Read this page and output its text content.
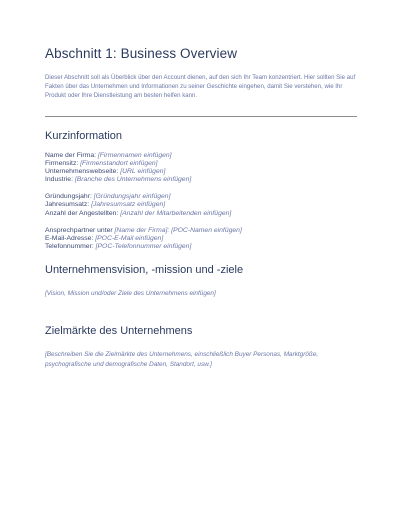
Abschnitt 1: Business Overview

Dieser Abschnitt soll als Überblick über den Account dienen, auf den sich Ihr Team konzentriert. Hier sollten Sie auf Fakten über das Unternehmen und Informationen zu seiner Geschichte eingehen, damit Sie verstehen, wie Ihr Produkt oder Ihre Dienstleistung am besten helfen kann.

Kurzinformation
Name der Firma: [Firmennamen einfügen]
Firmensitz: [Firmenstandort einfügen]
Unternehmenswebseite: [URL einfügen]
Industrie: [Branche des Unternehmens einfügen]
Gründungsjahr: [Gründungsjahr einfügen]
Jahresumsatz: [Jahresumsatz einfügen]
Anzahl der Angestellten: [Anzahl der Mitarbeitenden einfügen]
Ansprechpartner unter [Name der Firma]: [POC-Namen einfügen]
E-Mail-Adresse: [POC-E-Mail einfügen]
Telefonnummer: [POC-Telefonnummer einfügen]
Unternehmensvision, -mission und -ziele

[Vision, Mission und/oder Ziele des Unternehmens einfügen]

Zielmärkte des Unternehmens

[Beschreiben Sie die Zielmärkte des Unternehmens, einschließlich Buyer Personas, Marktgröße, psychografische und demografische Daten, Standort, usw.]
